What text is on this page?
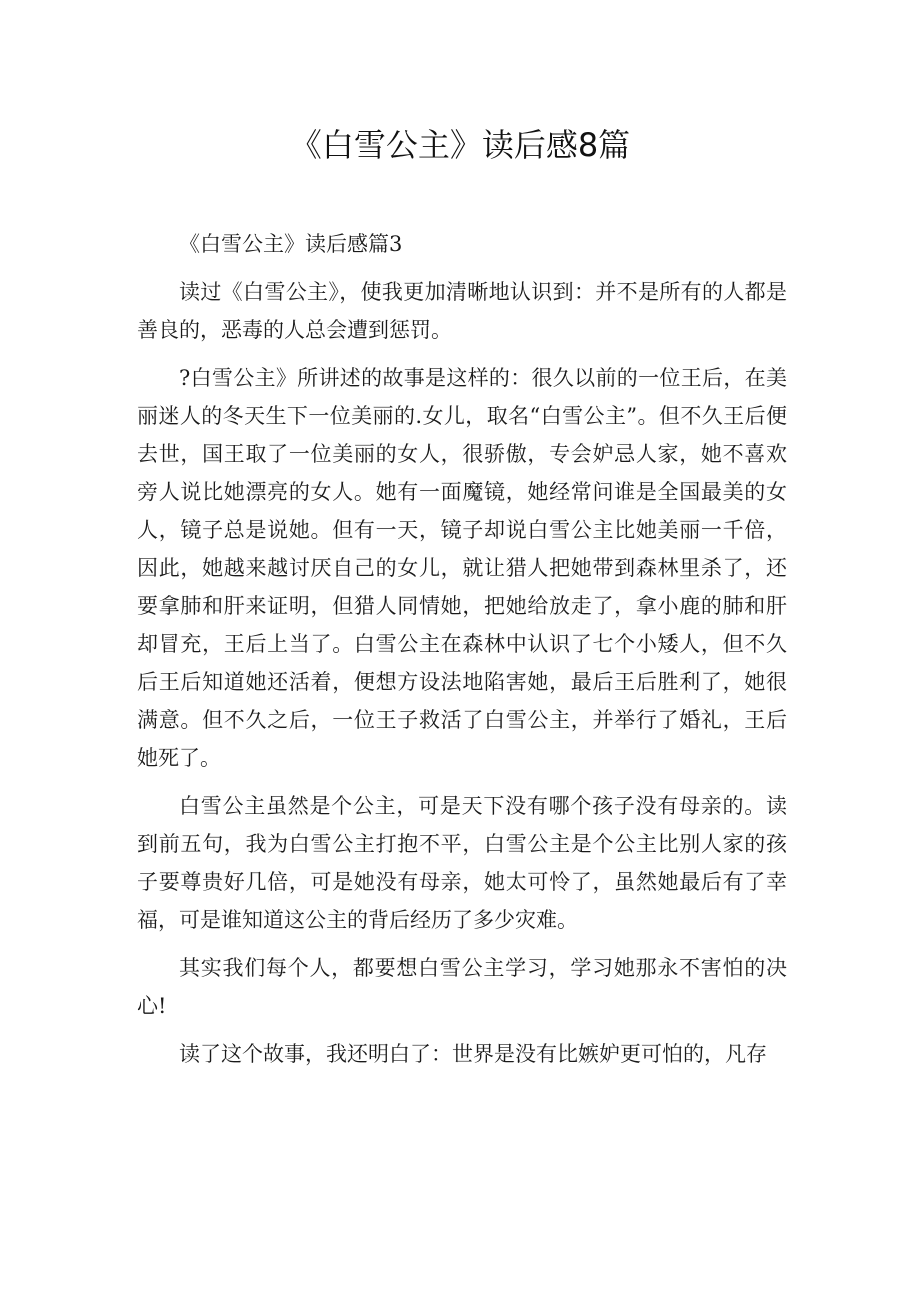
《白雪公主》读后感8篇

《白雪公主》读后感篇3

读过《白雪公主》，使我更加清晰地认识到：并不是所有的人都是善良的，恶毒的人总会遭到惩罚。

?白雪公主》所讲述的故事是这样的：很久以前的一位王后，在美丽迷人的冬天生下一位美丽的.女儿，取名“白雪公主”。但不久王后便去世，国王取了一位美丽的女人，很骄傲，专会妒忌人家，她不喜欢旁人说比她漂亮的女人。她有一面魔镜，她经常问谁是全国最美的女人，镜子总是说她。但有一天，镜子却说白雪公主比她美丽一千倍，因此，她越来越讨厌自己的女儿，就让猎人把她带到森林里杀了，还要拿肺和肝来证明，但猎人同情她，把她给放走了，拿小鹿的肺和肝却冒充，王后上当了。白雪公主在森林中认识了七个小矮人，但不久后王后知道她还活着，便想方设法地陷害她，最后王后胜利了，她很满意。但不久之后，一位王子救活了白雪公主，并举行了婚礼，王后她死了。

白雪公主虽然是个公主，可是天下没有哪个孩子没有母亲的。读到前五句，我为白雪公主打抱不平，白雪公主是个公主比别人家的孩子要尊贵好几倍，可是她没有母亲，她太可怜了，虽然她最后有了幸福，可是谁知道这公主的背后经历了多少灾难。

其实我们每个人，都要想白雪公主学习，学习她那永不害怕的决心!

读了这个故事，我还明白了：世界是没有比嫉妒更可怕的，凡存
